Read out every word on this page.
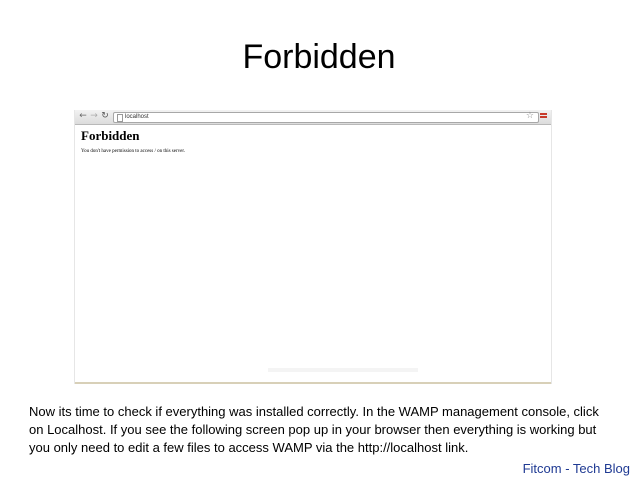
Forbidden
← → ↻	localhost	☆
Forbidden
You don't have permission to access / on this server.
Now its time to check if everything was installed correctly. In the WAMP management console, click on Localhost. If you see the following screen pop up in your browser then everything is working but you only need to edit a few files to access WAMP via the http://localhost link.
Fitcom - Tech Blog
